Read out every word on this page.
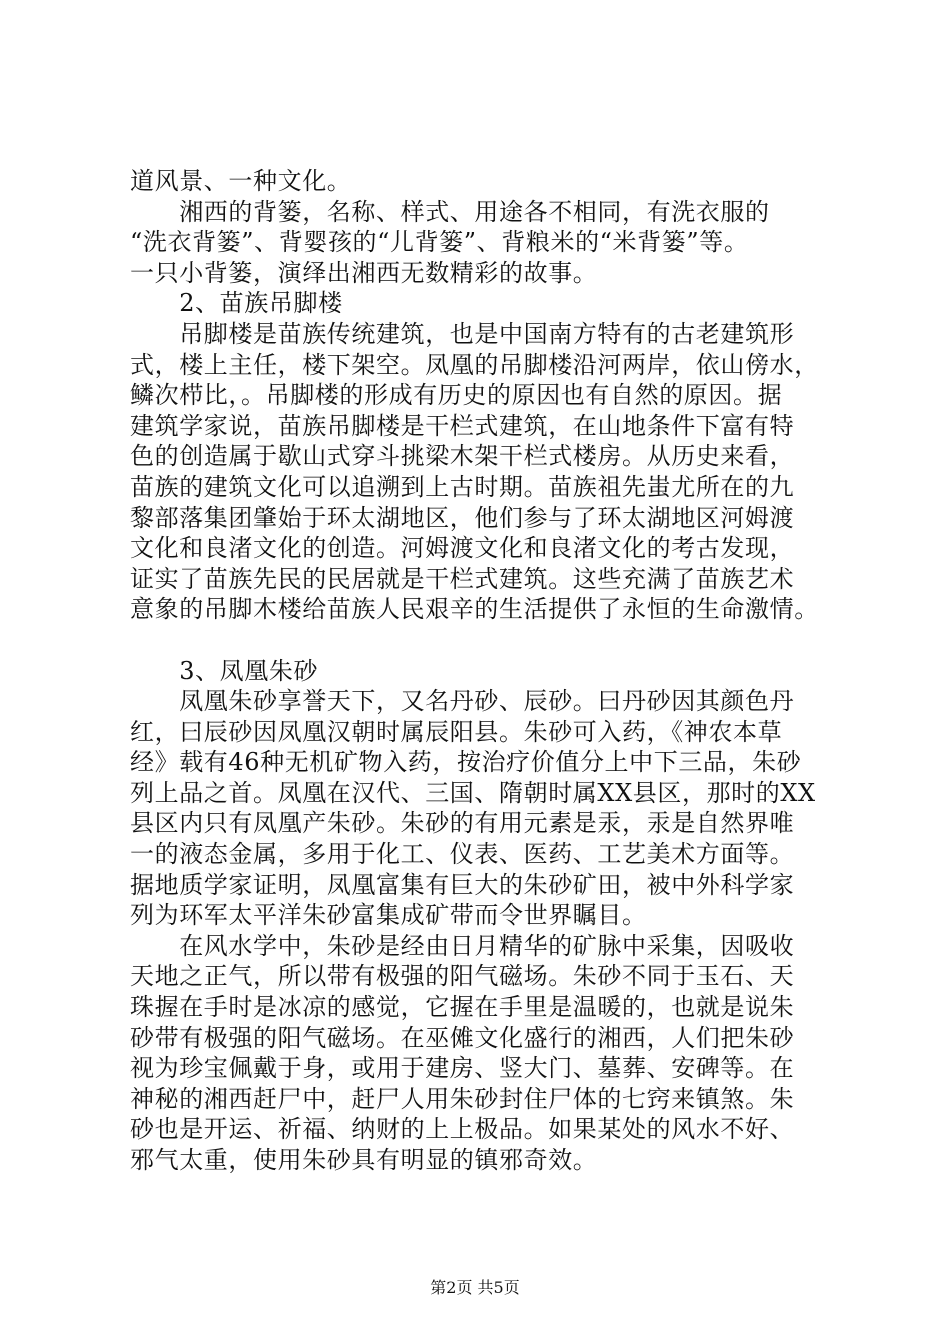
道风景、一种文化。
　　湘西的背篓，名称、样式、用途各不相同，有洗衣服的
“洗衣背篓”、背婴孩的“儿背篓”、背粮米的“米背篓”等。
一只小背篓，演绎出湘西无数精彩的故事。
　　2、苗族吊脚楼
　　吊脚楼是苗族传统建筑，也是中国南方特有的古老建筑形
式，楼上主任，楼下架空。凤凰的吊脚楼沿河两岸，依山傍水，
鳞次栉比，。吊脚楼的形成有历史的原因也有自然的原因。据
建筑学家说，苗族吊脚楼是干栏式建筑，在山地条件下富有特
色的创造属于歇山式穿斗挑梁木架干栏式楼房。从历史来看，
苗族的建筑文化可以追溯到上古时期。苗族祖先蚩尤所在的九
黎部落集团肇始于环太湖地区，他们参与了环太湖地区河姆渡
文化和良渚文化的创造。河姆渡文化和良渚文化的考古发现，
证实了苗族先民的民居就是干栏式建筑。这些充满了苗族艺术
意象的吊脚木楼给苗族人民艰辛的生活提供了永恒的生命激情。
　　3、凤凰朱砂
　　凤凰朱砂享誉天下，又名丹砂、辰砂。曰丹砂因其颜色丹
红，曰辰砂因凤凰汉朝时属辰阳县。朱砂可入药，《神农本草
经》载有46种无机矿物入药，按治疗价值分上中下三品，朱砂
列上品之首。凤凰在汉代、三国、隋朝时属XX县区，那时的XX
县区内只有凤凰产朱砂。朱砂的有用元素是汞，汞是自然界唯
一的液态金属，多用于化工、仪表、医药、工艺美术方面等。
据地质学家证明，凤凰富集有巨大的朱砂矿田，被中外科学家
列为环军太平洋朱砂富集成矿带而令世界瞩目。
　　在风水学中，朱砂是经由日月精华的矿脉中采集，因吸收
天地之正气，所以带有极强的阳气磁场。朱砂不同于玉石、天
珠握在手时是冰凉的感觉，它握在手里是温暖的，也就是说朱
砂带有极强的阳气磁场。在巫傩文化盛行的湘西，人们把朱砂
视为珍宝佩戴于身，或用于建房、竖大门、墓葬、安碑等。在
神秘的湘西赶尸中，赶尸人用朱砂封住尸体的七窍来镇煞。朱
砂也是开运、祈福、纳财的上上极品。如果某处的风水不好、
邪气太重，使用朱砂具有明显的镇邪奇效。
第2页 共5页
